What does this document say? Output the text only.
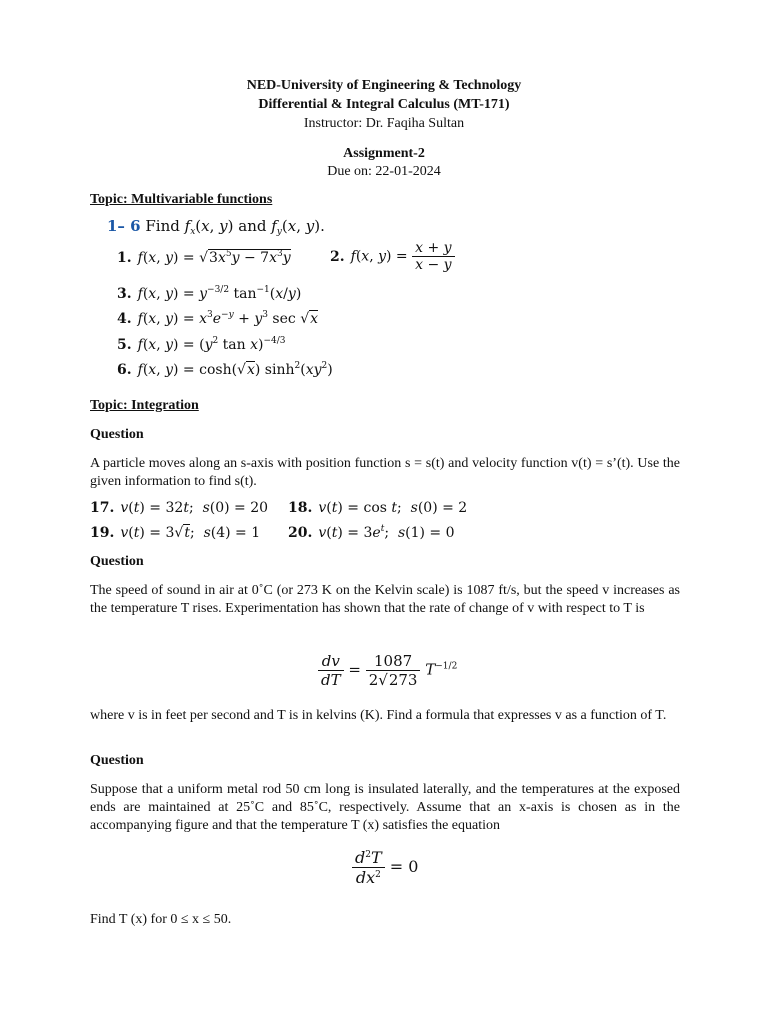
NED-University of Engineering & Technology
Differential & Integral Calculus (MT-171)
Instructor: Dr. Faqiha Sultan
Assignment-2
Due on: 22-01-2024
Topic: Multivariable functions
1– 6 Find $f_x(x$, y) and $f_y(x$, y).
1. f(x, $y) = √3x^5y - 7x^3y$	2. f(x, $y) = \frac{x + y}{x - y}$
3. f(x, $y) = y^{-3/2}$ $\tan^{-1}(x/y)$
4. f(x, $y) = x^3e^{-y} + y^3$ sec √x
5. f(x, $y) = (y^2$ tan x)$^{-4/3}$
6. f(x, y) = cosh(√x) $\sinh^2(xy^2)$
Topic: Integration
Question
A particle moves along an s-axis with position function s = s(t) and velocity function v(t) = s’(t). Use the given information to find s(t).
17. v(t) = 32t;  s(0) = 20 18. v(t) = cos t;  s(0) = 2
19. v(t) = 3√t;  s(4) = 1 20. $v(t) = 3e^t$;  s(1) = 0
Question
The speed of sound in air at 0˚C (or 273 K on the Kelvin scale) is 1087 ft/s, but the speed v increases as the temperature T rises. Experimentation has shown that the rate of change of v with respect to T is
$\frac{dv}{dT} = \frac{1087}{2√273} T^{-1/2}$
where v is in feet per second and T is in kelvins (K). Find a formula that expresses v as a function of T.
Question
Suppose that a uniform metal rod 50 cm long is insulated laterally, and the temperatures at the exposed ends are maintained at 25˚C and 85˚C, respectively. Assume that an x-axis is chosen as in the accompanying figure and that the temperature T (x) satisfies the equation
$\frac{d^2T}{dx^2} = 0$
Find T (x) for 0 ≤ x ≤ 50.
